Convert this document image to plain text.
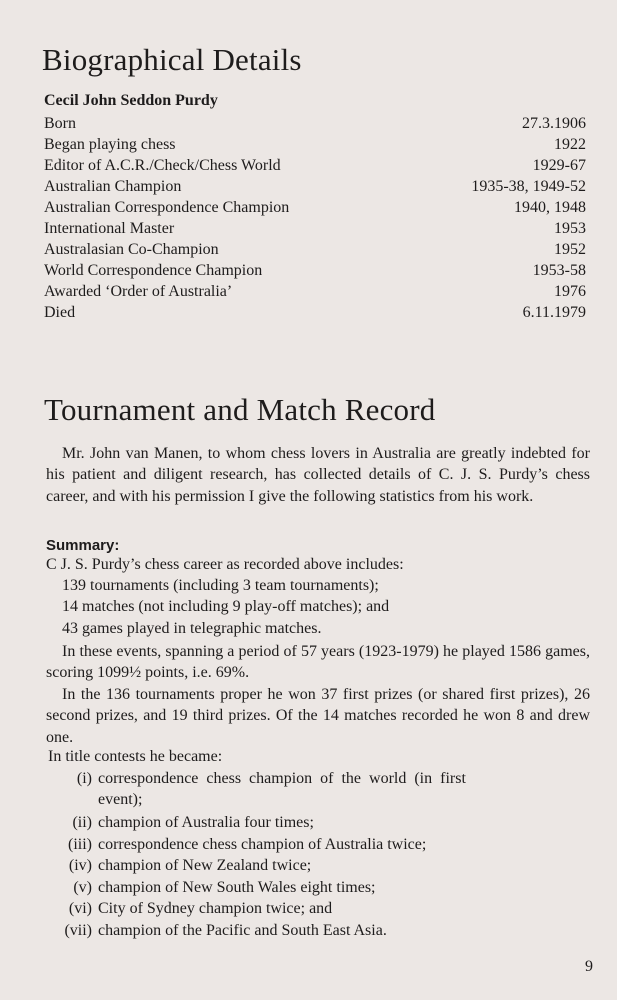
Biographical Details
Cecil John Seddon Purdy
Born	27.3.1906
Began playing chess	1922
Editor of A.C.R./Check/Chess World	1929-67
Australian Champion	1935-38, 1949-52
Australian Correspondence Champion	1940, 1948
International Master	1953
Australasian Co-Champion	1952
World Correspondence Champion	1953-58
Awarded ‘Order of Australia’	1976
Died	6.11.1979
Tournament and Match Record
Mr. John van Manen, to whom chess lovers in Australia are greatly indebted for his patient and diligent research, has collected details of C. J. S. Purdy’s chess career, and with his permission I give the following statistics from his work.
Summary:
C J. S. Purdy’s chess career as recorded above includes:
139 tournaments (including 3 team tournaments);
14 matches (not including 9 play-off matches); and
43 games played in telegraphic matches.
In these events, spanning a period of 57 years (1923-1979) he played 1586 games, scoring 1099½ points, i.e. 69%.
In the 136 tournaments proper he won 37 first prizes (or shared first prizes), 26 second prizes, and 19 third prizes. Of the 14 matches recorded he won 8 and drew one.
In title contests he became:
(i) correspondence chess champion of the world (in first
event);
(ii) champion of Australia four times;
(iii) correspondence chess champion of Australia twice;
(iv) champion of New Zealand twice;
(v) champion of New South Wales eight times;
(vi) City of Sydney champion twice; and
(vii) champion of the Pacific and South East Asia.
9
